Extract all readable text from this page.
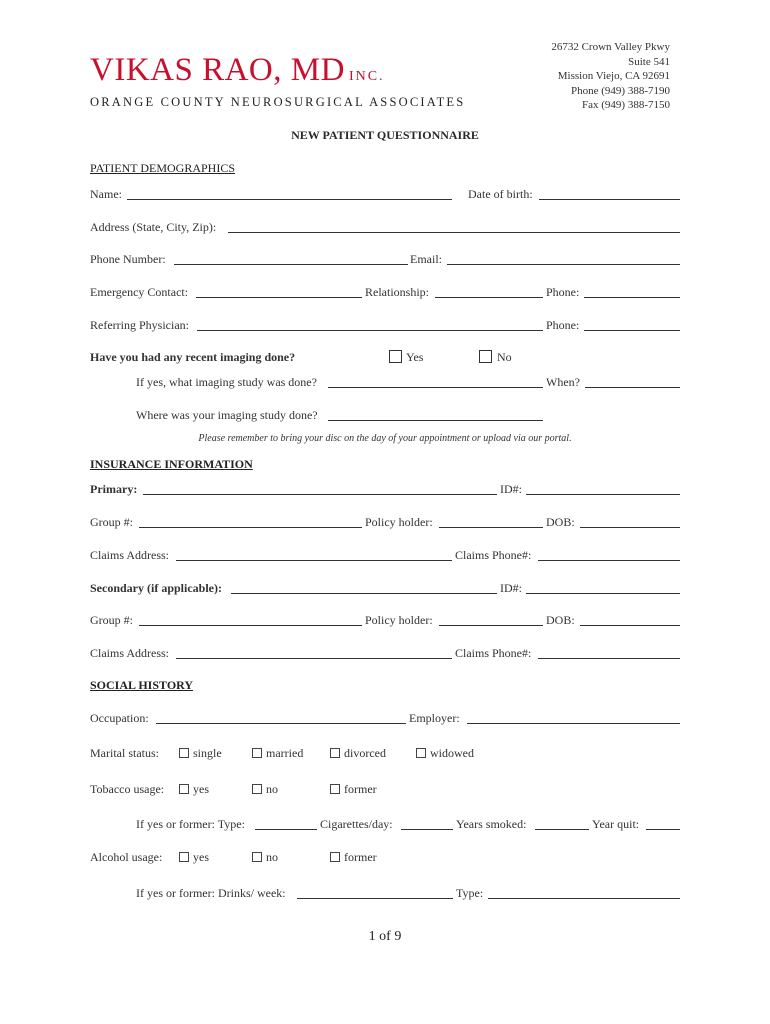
VIKAS RAO, MD INC.
ORANGE COUNTY NEUROSURGICAL ASSOCIATES
26732 Crown Valley Pkwy
Suite 541
Mission Viejo, CA 92691
Phone (949) 388-7190
Fax (949) 388-7150
NEW PATIENT QUESTIONNAIRE
PATIENT DEMOGRAPHICS
Name:	Date of birth:
Address (State, City, Zip):
Phone Number:	Email:
Emergency Contact:	Relationship:	Phone:
Referring Physician:	Phone:
Have you had any recent imaging done?	Yes	No
If yes, what imaging study was done?	When?
Where was your imaging study done?
Please remember to bring your disc on the day of your appointment or upload via our portal.
INSURANCE INFORMATION
Primary:	ID#:
Group #:	Policy holder:	DOB:
Claims Address:	Claims Phone#:
Secondary (if applicable):	ID#:
Group #:	Policy holder:	DOB:
Claims Address:	Claims Phone#:
SOCIAL HISTORY
Occupation:	Employer:
Marital status:	single	married	divorced	widowed
Tobacco usage: yes	no	former
If yes or former: Type:	Cigarettes/day:	Years smoked:	Year quit:
Alcohol usage:	yes	no	former
If yes or former: Drinks/ week:	Type:
1 of 9
